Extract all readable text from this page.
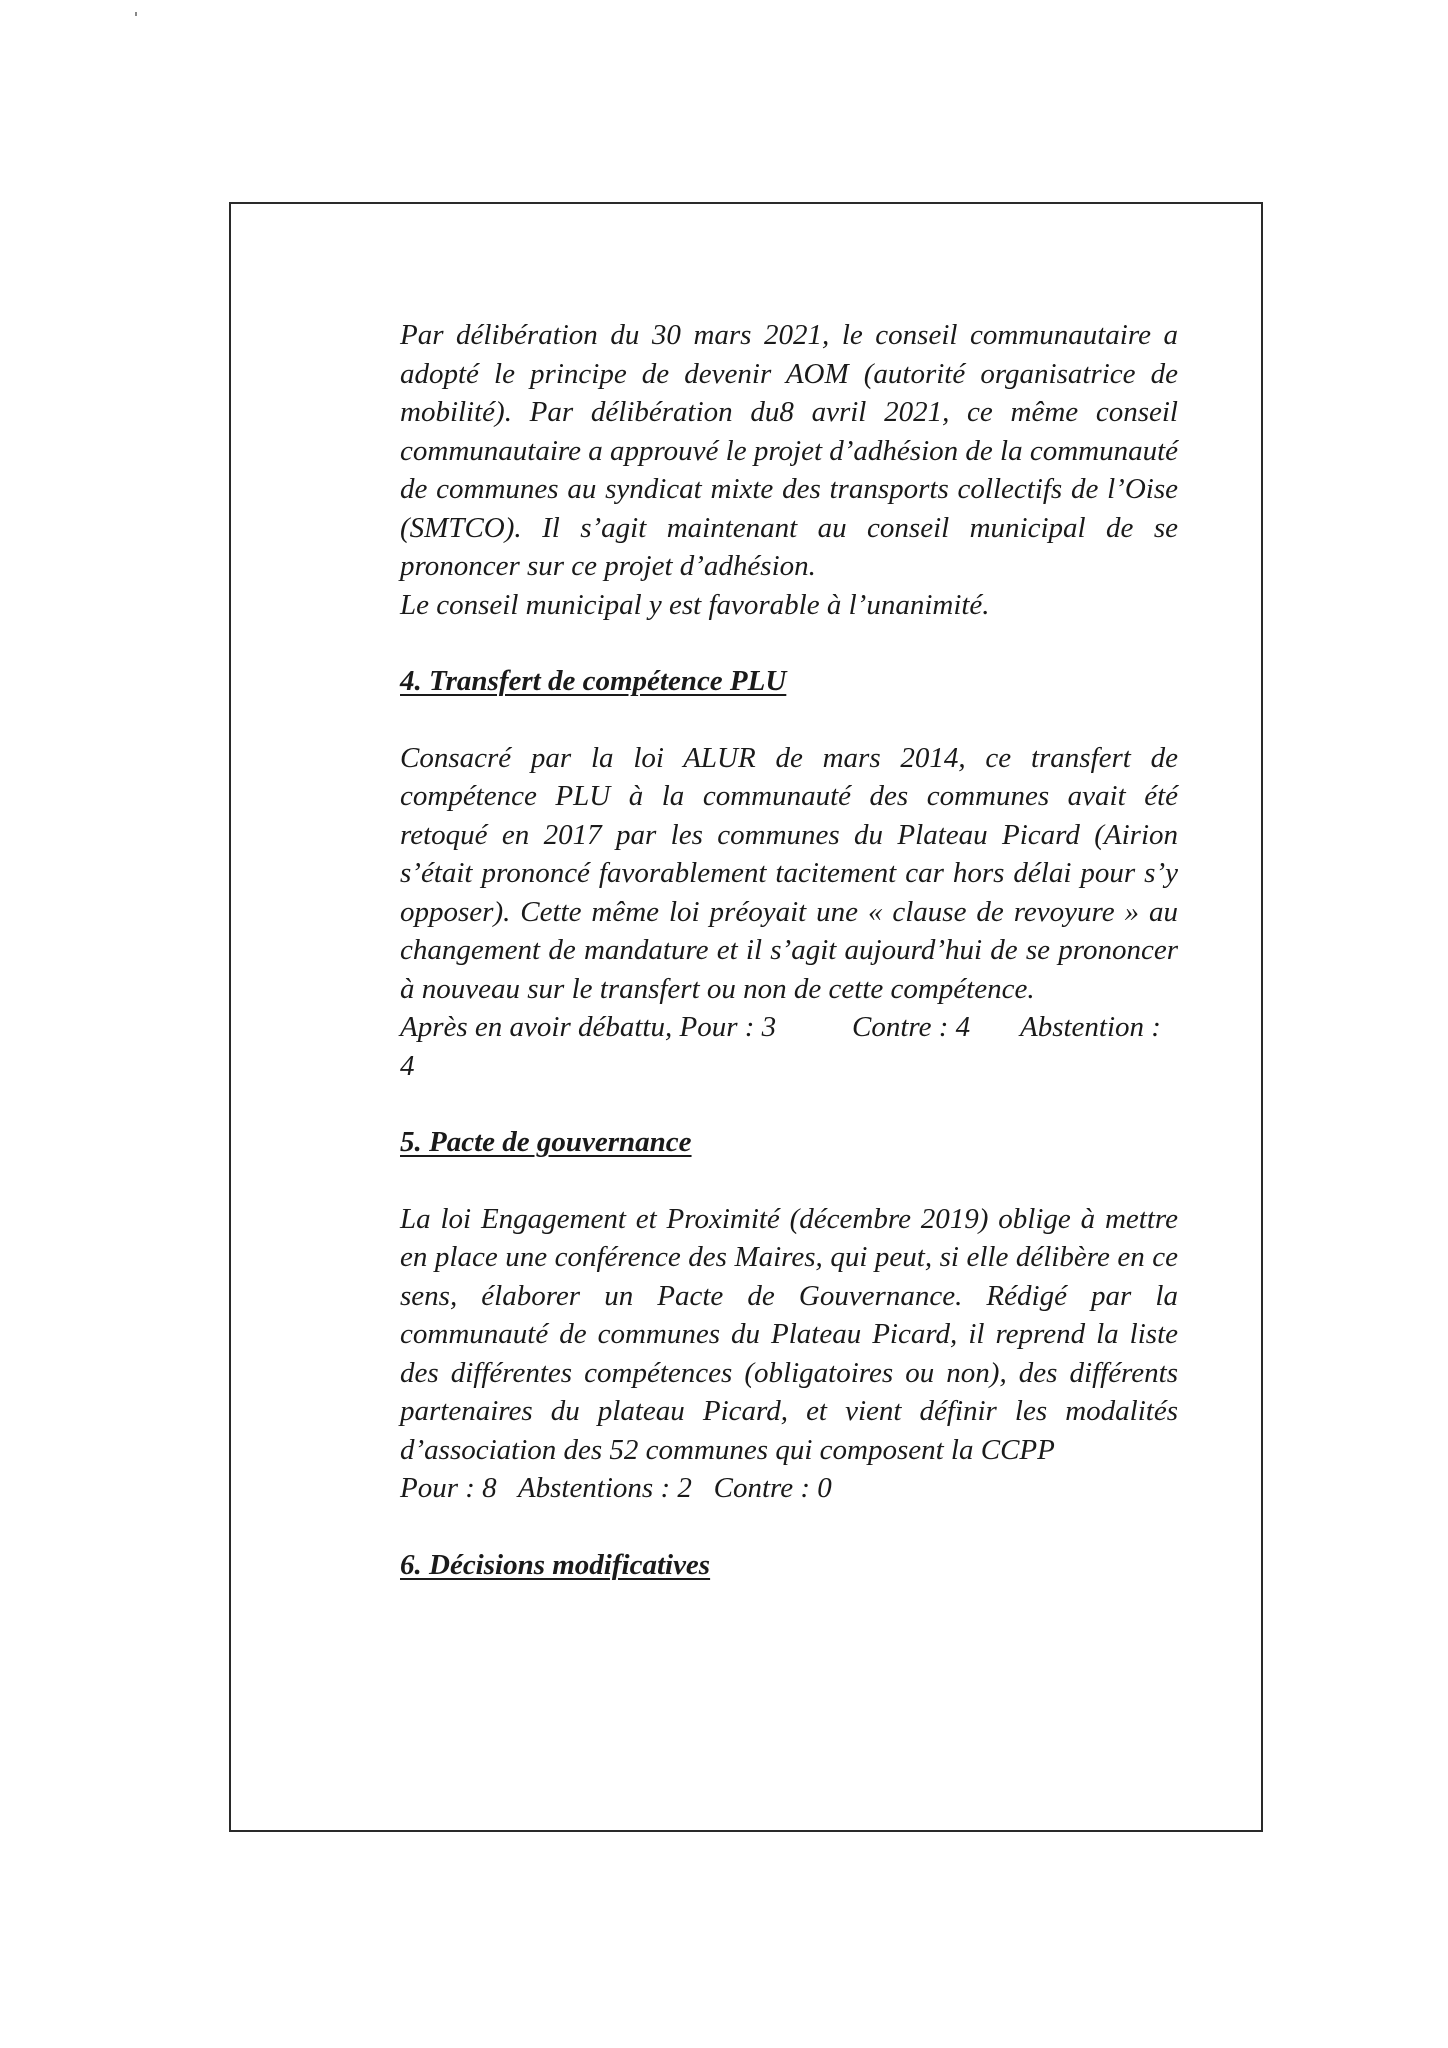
Par délibération du 30 mars 2021, le conseil communautaire a adopté le principe de devenir AOM (autorité organisatrice de mobilité). Par délibération du8 avril 2021, ce même conseil communautaire a approuvé le projet d’adhésion de la communauté de communes au syndicat mixte des transports collectifs de l’Oise (SMTCO). Il s’agit maintenant au conseil municipal de se prononcer sur ce projet d’adhésion.

Le conseil municipal y est favorable à l’unanimité.

4. Transfert de compétence PLU

Consacré par la loi ALUR de mars 2014, ce transfert de compétence PLU à la communauté des communes avait été retoqué en 2017 par les communes du Plateau Picard (Airion s’était prononcé favorablement tacitement car hors délai pour s’y opposer). Cette même loi préoyait une « clause de revoyure » au changement de mandature et il s’agit aujourd’hui de se prononcer à nouveau sur le transfert ou non de cette compétence.

Après en avoir débattu, Pour : 3	Contre : 4	Abstention :

4

5. Pacte de gouvernance

La loi Engagement et Proximité (décembre 2019) oblige à mettre en place une conférence des Maires, qui peut, si elle délibère en ce sens, élaborer un Pacte de Gouvernance. Rédigé par la communauté de communes du Plateau Picard, il reprend la liste des différentes compétences (obligatoires ou non), des différents partenaires du plateau Picard, et vient définir les modalités d’association des 52 communes qui composent la CCPP

Pour : 8   Abstentions : 2   Contre : 0

6. Décisions modificatives
